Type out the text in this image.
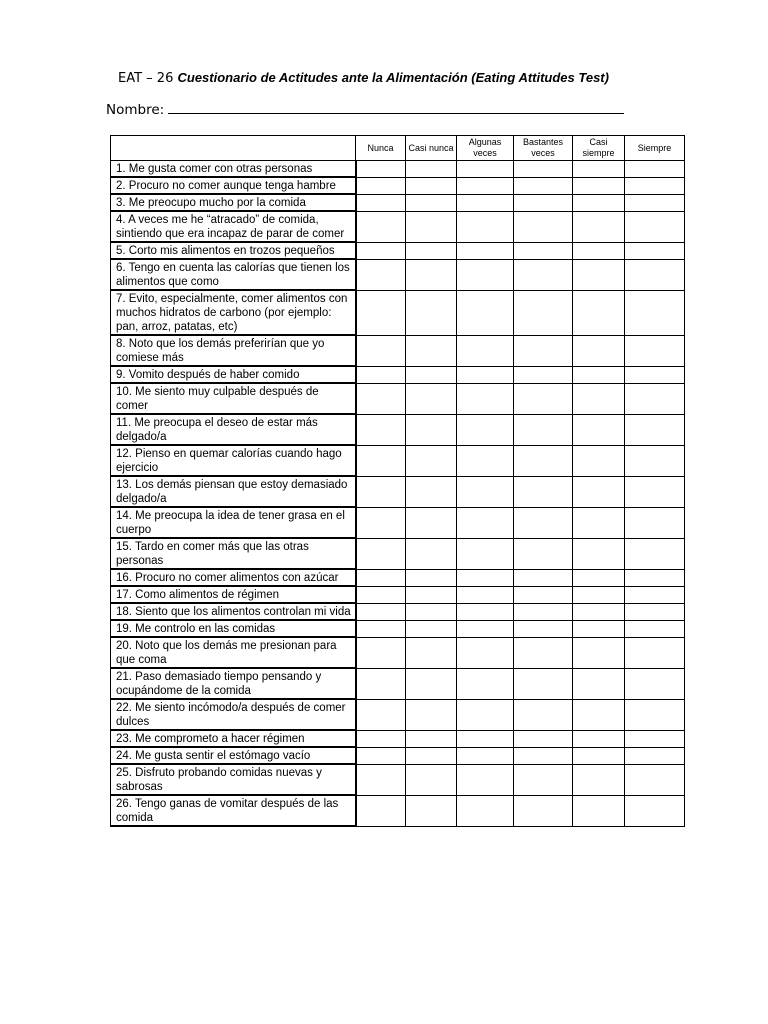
EAT – 26 Cuestionario de Actitudes ante la Alimentación (Eating Attitudes Test)
Nombre:
	Nunca	Casi nunca	Algunas veces	Bastantes veces	Casi siempre	Siempre
1. Me gusta comer con otras personas						
2. Procuro no comer aunque tenga hambre						
3. Me preocupo mucho por la comida						
4. A veces me he “atracado” de comida, sintiendo que era incapaz de parar de comer						
5. Corto mis alimentos en trozos pequeños						
6. Tengo en cuenta las calorías que tienen los alimentos que como						
7. Evito, especialmente, comer alimentos con muchos hidratos de carbono (por ejemplo: pan, arroz, patatas, etc)						
8. Noto que los demás preferirían que yo comiese más						
9. Vomito después de haber comido						
10. Me siento muy culpable después de comer						
11. Me preocupa el deseo de estar más delgado/a						
12. Pienso en quemar calorías cuando hago ejercicio						
13. Los demás piensan que estoy demasiado delgado/a						
14. Me preocupa la idea de tener grasa en el cuerpo						
15. Tardo en comer más que las otras personas						
16. Procuro no comer alimentos con azúcar						
17. Como alimentos de régimen						
18. Siento que los alimentos controlan mi vida						
19. Me controlo en las comidas						
20. Noto que los demás me presionan para que coma						
21. Paso demasiado tiempo pensando y ocupándome de la comida						
22. Me siento incómodo/a después de comer dulces						
23. Me comprometo a hacer régimen						
24. Me gusta sentir el estómago vacío						
25. Disfruto probando comidas nuevas y sabrosas						
26. Tengo ganas de vomitar después de las comida						
